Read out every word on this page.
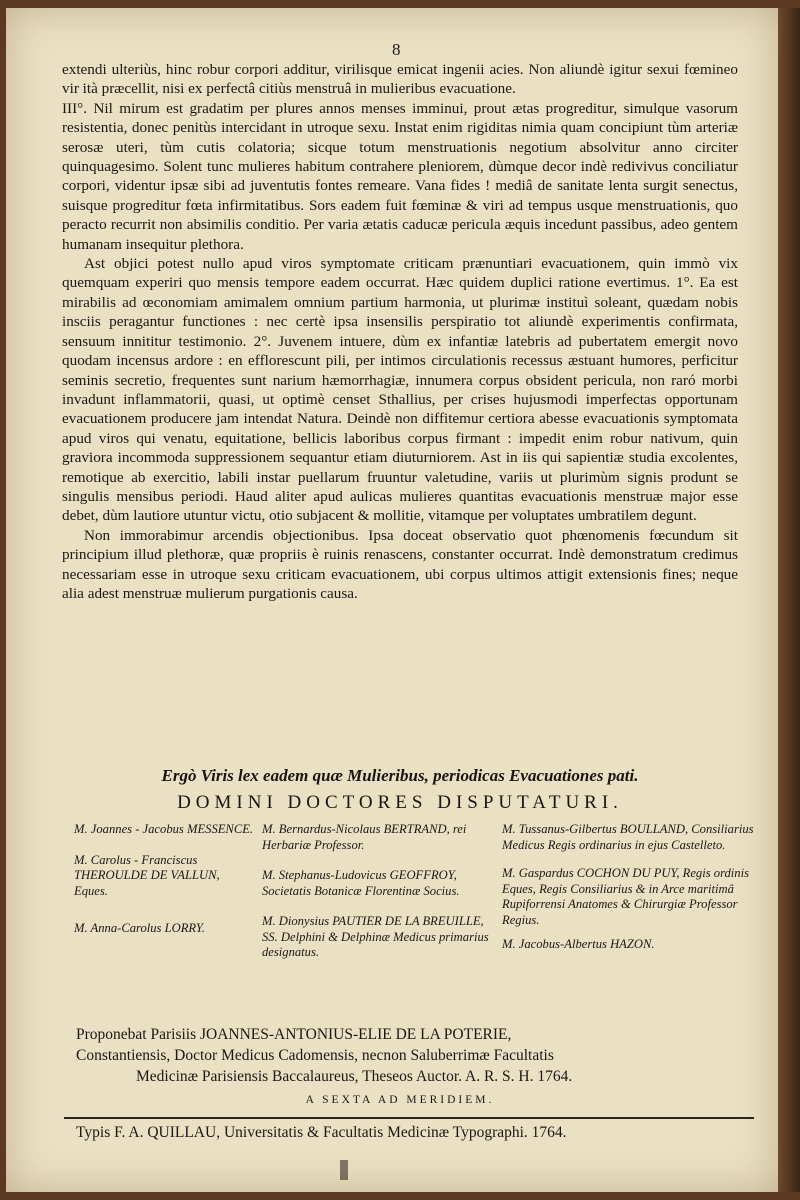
8

extendi ulteriùs, hinc robur corpori additur, virilisque emicat ingenii acies. Non aliundè igitur sexui fœmineo vir ità præcellit, nisi ex perfectâ citiùs menstruâ in mulieribus evacuatione.

III°. Nil mirum est gradatim per plures annos menses imminui, prout ætas progreditur, simulque vasorum resistentia, donec penitùs intercidant in utroque sexu. Instat enim rigiditas nimia quam concipiunt tùm arteriæ serosæ uteri, tùm cutis colatoria; sicque totum menstruationis negotium absolvitur anno circiter quinquagesimo. Solent tunc mulieres habitum contrahere pleniorem, dùmque decor indè redivivus conciliatur corpori, videntur ipsæ sibi ad juventutis fontes remeare. Vana fides ! mediâ de sanitate lenta surgit senectus, suisque progreditur fœta infirmitatibus. Sors eadem fuit fœminæ & viri ad tempus usque menstruationis, quo peracto recurrit non absimilis conditio. Per varia ætatis caducæ pericula æquis incedunt passibus, adeo gentem humanam insequitur plethora.

Ast objici potest nullo apud viros symptomate criticam prænuntiari evacuationem, quin immò vix quemquam experiri quo mensis tempore eadem occurrat. Hæc quidem duplici ratione evertimus. 1°. Ea est mirabilis ad œconomiam amimalem omnium partium harmonia, ut plurimæ instituì soleant, quædam nobis insciis peragantur functiones : nec certè ipsa insensilis perspiratio tot aliundè experimentis confirmata, sensuum innititur testimonio. 2°. Juvenem intuere, dùm ex infantiæ latebris ad pubertatem emergit novo quodam incensus ardore : en efflorescunt pili, per intimos circulationis recessus æstuant humores, perficitur seminis secretio, frequentes sunt narium hæmorrhagiæ, innumera corpus obsident pericula, non raró morbi invadunt inflammatorii, quasi, ut optimè censet Sthallius, per crises hujusmodi imperfectas opportunam evacuationem producere jam intendat Natura. Deindè non diffitemur certiora abesse evacuationis symptomata apud viros qui venatu, equitatione, bellicis laboribus corpus firmant : impedit enim robur nativum, quin graviora incommoda suppressionem sequantur etiam diuturniorem. Ast in iis qui sapientiæ studia excolentes, remotique ab exercitio, labili instar puellarum fruuntur valetudine, variis ut plurimùm signis produnt se singulis mensibus periodi. Haud aliter apud aulicas mulieres quantitas evacuationis menstruæ major esse debet, dùm lautiore utuntur victu, otio subjacent & mollitie, vitamque per voluptates umbratilem degunt.

Non immorabimur arcendis objectionibus. Ipsa doceat observatio quot phœnomenis fœcundum sit principium illud plethoræ, quæ propriis è ruinis renascens, constanter occurrat. Indè demonstratum credimus necessariam esse in utroque sexu criticam evacuationem, ubi corpus ultimos attigit extensionis fines; neque alia adest menstruæ mulierum purgationis causa.

Ergò Viris lex eadem quæ Mulieribus, periodicas Evacuationes pati.
DOMINI DOCTORES DISPUTATURI.
M. Joannes - Jacobus MESSENCE.
M. Carolus - Franciscus THEROULDE DE VALLUN, Eques.
M. Anna-Carolus LORRY.
M. Bernardus-Nicolaus BERTRAND, rei Herbariæ Professor.
M. Stephanus-Ludovicus GEOFFROY, Societatis Botanicæ Florentinæ Socius.
M. Dionysius PAUTIER DE LA BREUILLE, SS. Delphini & Delphinæ Medicus primarius designatus.
M. Tussanus-Gilbertus BOULLAND, Consiliarius Medicus Regis ordinarius in ejus Castelleto.
M. Gaspardus COCHON DU PUY, Regis ordinis Eques, Regis Consiliarius & in Arce maritimâ Rupiforrensi Anatomes & Chirurgiæ Professor Regius.
M. Jacobus-Albertus HAZON.
Proponebat Parisiis JOANNES-ANTONIUS-ELIE DE LA POTERIE,
Constantiensis, Doctor Medicus Cadomensis, necnon Saluberrimæ Facultatis
Medicinæ Parisiensis Baccalaureus, Theseos Auctor. A. R. S. H. 1764.
A SEXTA AD MERIDIEM.
Typis F. A. QUILLAU, Universitatis & Facultatis Medicinæ Typographi. 1764.
